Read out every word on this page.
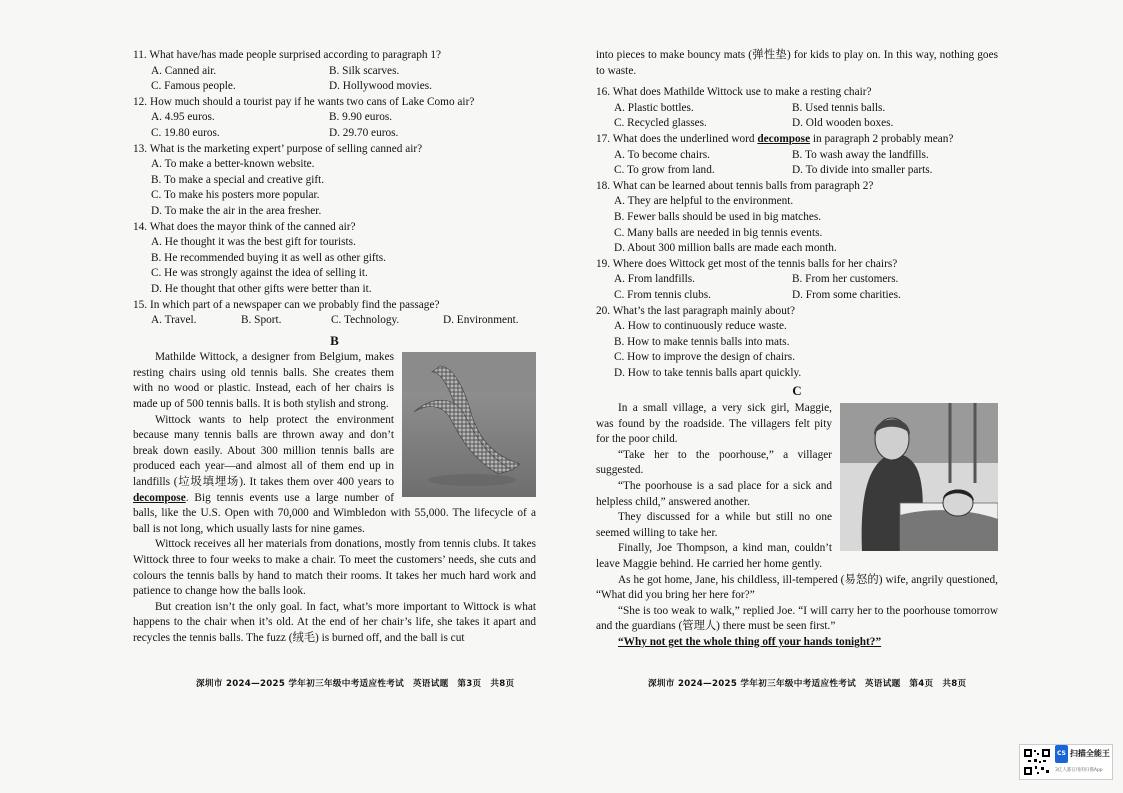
11. What have/has made people surprised according to paragraph 1?
A. Canned air.	B. Silk scarves.
C. Famous people.	D. Hollywood movies.
12. How much should a tourist pay if he wants two cans of Lake Como air?
A. 4.95 euros.	B. 9.90 euros.
C. 19.80 euros.	D. 29.70 euros.
13. What is the marketing expert’ purpose of selling canned air?
A. To make a better-known website.
B. To make a special and creative gift.
C. To make his posters more popular.
D. To make the air in the area fresher.
14. What does the mayor think of the canned air?
A. He thought it was the best gift for tourists.
B. He recommended buying it as well as other gifts.
C. He was strongly against the idea of selling it.
D. He thought that other gifts were better than it.
15. In which part of a newspaper can we probably find the passage?
A. Travel.	B. Sport.	C. Technology.	D. Environment.
B

Mathilde Wittock, a designer from Belgium, makes resting chairs using old tennis balls. She creates them with no wood or plastic. Instead, each of her chairs is made up of 500 tennis balls. It is both stylish and strong.

Wittock wants to help protect the environment because many tennis balls are thrown away and don’t break down easily. About 300 million tennis balls are produced each year—and almost all of them end up in landfills (垃圾填埋场). It takes them over 400 years to decompose. Big tennis events use a large number of balls, like the U.S. Open with 70,000 and Wimbledon with 55,000. The lifecycle of a ball is not long, which usually lasts for nine games.

Wittock receives all her materials from donations, mostly from tennis clubs. It takes Wittock three to four weeks to make a chair. To meet the customers’ needs, she cuts and colours the tennis balls by hand to match their rooms. It takes her much hard work and patience to change how the balls look.

But creation isn’t the only goal. In fact, what’s more important to Wittock is what happens to the chair when it’s old. At the end of her chair’s life, she takes it apart and recycles the tennis balls. The fuzz (绒毛) is burned off, and the ball is cut

深圳市 2024—2025 学年初三年级中考适应性考试　英语试题　第3页　共8页

into pieces to make bouncy mats (弹性垫) for kids to play on. In this way, nothing goes to waste.

16. What does Mathilde Wittock use to make a resting chair?
A. Plastic bottles.	B. Used tennis balls.
C. Recycled glasses.	D. Old wooden boxes.
17. What does the underlined word decompose in paragraph 2 probably mean?
A. To become chairs.	B. To wash away the landfills.
C. To grow from land.	D. To divide into smaller parts.
18. What can be learned about tennis balls from paragraph 2?
A. They are helpful to the environment.
B. Fewer balls should be used in big matches.
C. Many balls are needed in big tennis events.
D. About 300 million balls are made each month.
19. Where does Wittock get most of the tennis balls for her chairs?
A. From landfills.	B. From her customers.
C. From tennis clubs.	D. From some charities.
20. What’s the last paragraph mainly about?
A. How to continuously reduce waste.
B. How to make tennis balls into mats.
C. How to improve the design of chairs.
D. How to take tennis balls apart quickly.
C

In a small village, a very sick girl, Maggie, was found by the roadside. The villagers felt pity for the poor child.

“Take her to the poorhouse,” a villager suggested.

“The poorhouse is a sad place for a sick and helpless child,” answered another.

They discussed for a while but still no one seemed willing to take her.

Finally, Joe Thompson, a kind man, couldn’t leave Maggie behind. He carried her home gently.

As he got home, Jane, his childless, ill-tempered (易怒的) wife, angrily questioned, “What did you bring her here for?”

“She is too weak to walk,” replied Joe. “I will carry her to the poorhouse tomorrow and the guardians (管理人) there must be seen first.”

“Why not get the whole thing off your hands tonight?”

深圳市 2024—2025 学年初三年级中考适应性考试　英语试题　第4页　共8页
CS 扫描全能王
3亿人都在用的扫描App
